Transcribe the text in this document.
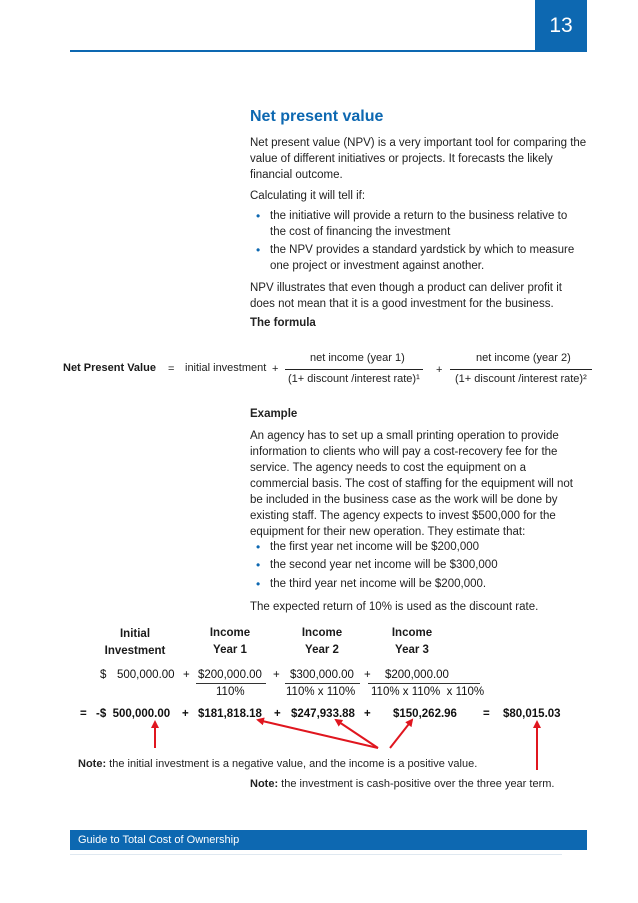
13
Net present value
Net present value (NPV) is a very important tool for comparing the value of different initiatives or projects. It forecasts the likely financial outcome.
Calculating it will tell if:
• the initiative will provide a return to the business relative to the cost of financing the investment
• the NPV provides a standard yardstick by which to measure one project or investment against another.
NPV illustrates that even though a product can deliver profit it does not mean that it is a good investment for the business.
The formula
Net Present Value = initial investment +
net income (year 1)
(1+ discount /interest rate)¹
+
net income (year 2)
(1+ discount /interest rate)²
Example
An agency has to set up a small printing operation to provide information to clients who will pay a cost-recovery fee for the service. The agency needs to cost the equipment on a commercial basis. The cost of staffing for the equipment will not be included in the business case as the work will be done by existing staff. The agency expects to invest $500,000 for the equipment for their new operation. They estimate that:
• the first year net income will be $200,000
• the second year net income will be $300,000
• the third year net income will be $200,000.
The expected return of 10% is used as the discount rate.
Initial
Investment
Income
Year 1
Income
Year 2
Income
Year 3
$ 500,000.00 + $200,000.00 + $300,000.00 + $200,000.00
110%	110% x 110% 110% x 110%  x 110%
= -$  500,000.00 + $181,818.18 + $247,933.88 + $150,262.96 = $80,015.03
Note: the initial investment is a negative value, and the income is a positive value.
Note: the investment is cash-positive over the three year term.
Guide to Total Cost of Ownership
